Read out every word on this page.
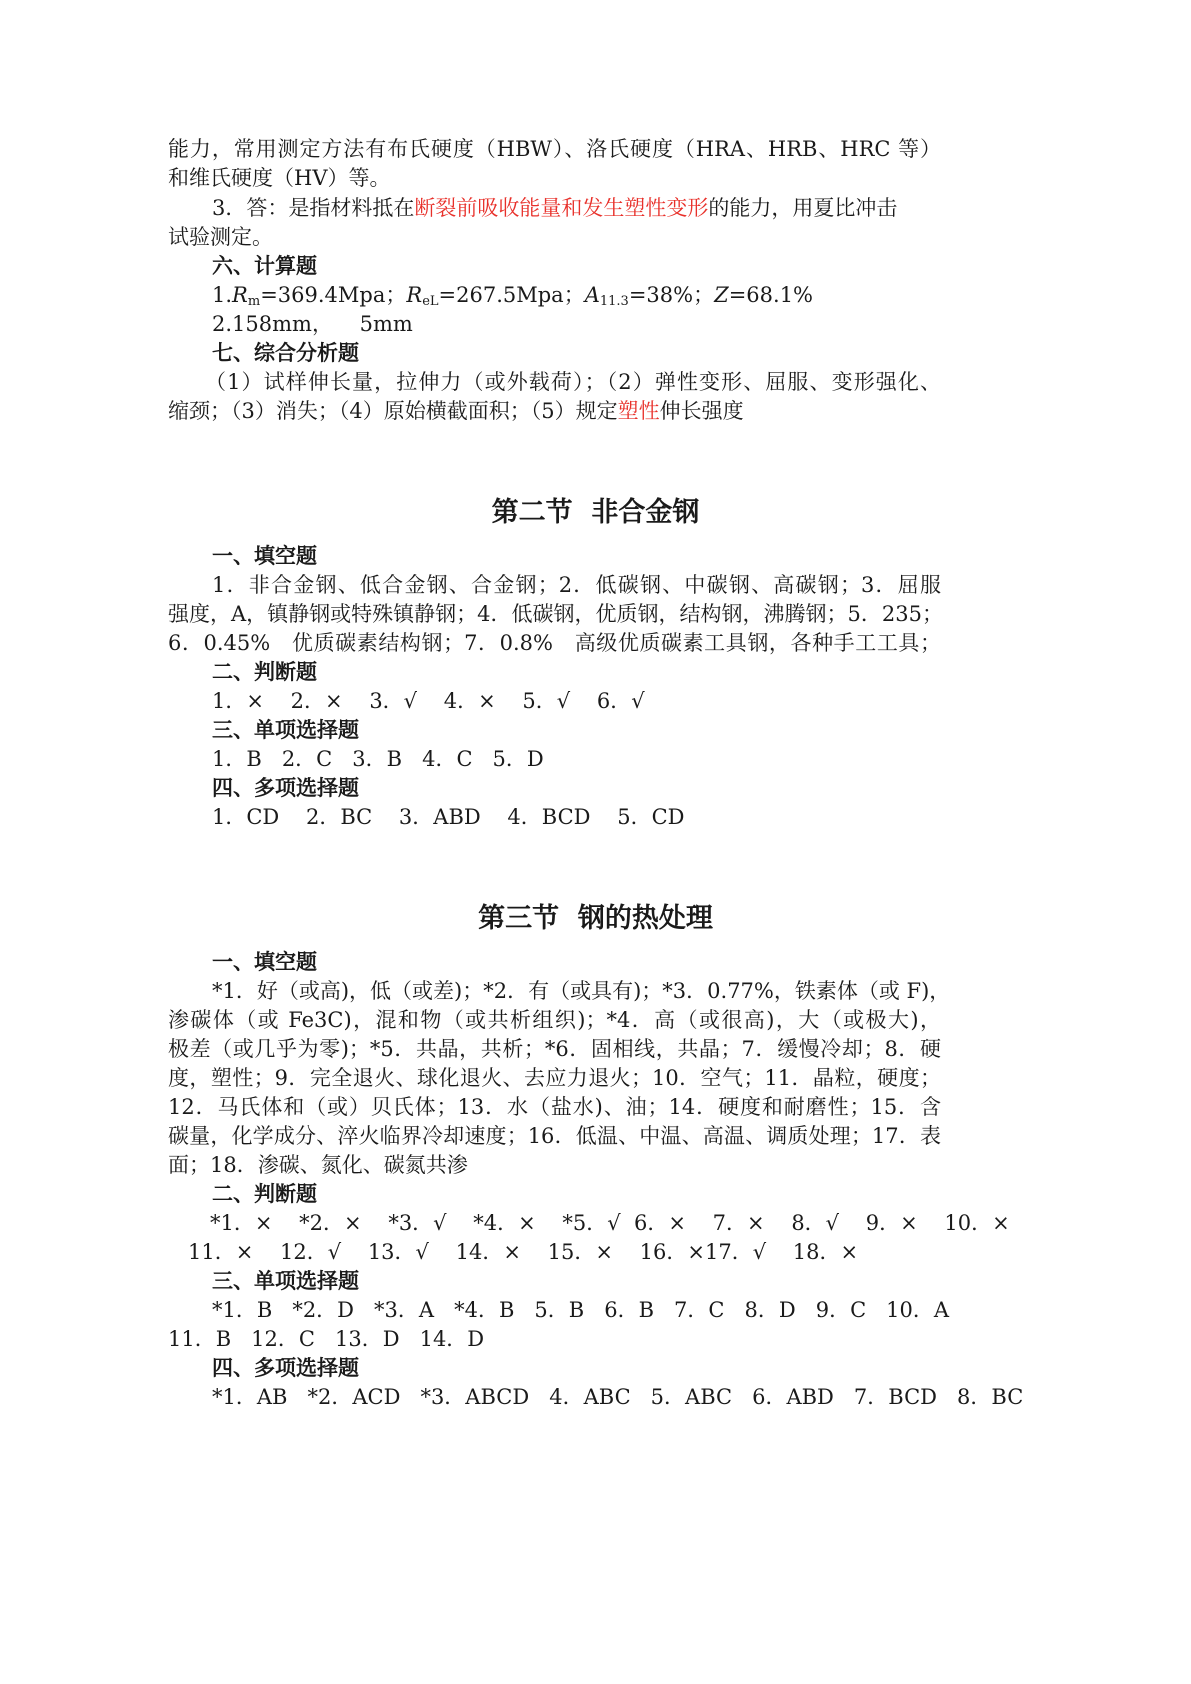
能力，常用测定方法有布氏硬度（HBW）、洛氏硬度（HRA、HRB、HRC 等）
和维氏硬度（HV）等。
3．答：是指材料抵在断裂前吸收能量和发生塑性变形的能力，用夏比冲击
试验测定。
六、计算题
$1.R_m=369.4Mpa$；$R_{eL}=267.5Mpa$；$A_{11.3}=38\%$；Z=68.1%
2.158mm，    5mm
七、综合分析题
（1）试样伸长量，拉伸力（或外载荷）；（2）弹性变形、屈服、变形强化、
缩颈；（3）消失；（4）原始横截面积；（5）规定塑性伸长强度
第二节  非合金钢
一、填空题
1．非合金钢、低合金钢、合金钢；2．低碳钢、中碳钢、高碳钢；3．屈服
强度，A，镇静钢或特殊镇静钢；4．低碳钢，优质钢，结构钢，沸腾钢；5．235；
6．0.45%   优质碳素结构钢；7．0.8%   高级优质碳素工具钢，各种手工工具；
二、判断题
1．×    2．×    3．√    4．×    5．√    6．√
三、单项选择题
1．B   2．C   3．B   4．C   5．D
四、多项选择题
1．CD    2．BC    3．ABD    4．BCD    5．CD
第三节  钢的热处理
一、填空题
*1．好（或高)，低（或差)；*2．有（或具有)；*3．0.77%，铁素体（或 F)，
渗碳体（或 Fe3C)，混和物（或共析组织)；*4．高（或很高)，大（或极大)，
极差（或几乎为零)；*5．共晶，共析；*6．固相线，共晶；7．缓慢冷却；8．硬
度，塑性；9．完全退火、球化退火、去应力退火；10．空气；11．晶粒，硬度；
12．马氏体和（或）贝氏体；13．水（盐水)、油；14．硬度和耐磨性；15．含
碳量，化学成分、淬火临界冷却速度；16．低温、中温、高温、调质处理；17．表
面；18．渗碳、氮化、碳氮共渗
二、判断题
*1．×    *2．×    *3．√    *4．×    *5．√  6．×    7．×    8．√    9．×    10．×
11．×    12．√    13．√    14．×    15．×    16．×17．√    18．×
三、单项选择题
*1．B   *2．D   *3．A   *4．B   5．B   6．B   7．C   8．D   9．C   10．A
11．B   12．C   13．D   14．D
四、多项选择题
*1．AB   *2．ACD   *3．ABCD   4．ABC   5．ABC   6．ABD   7．BCD   8．BC
